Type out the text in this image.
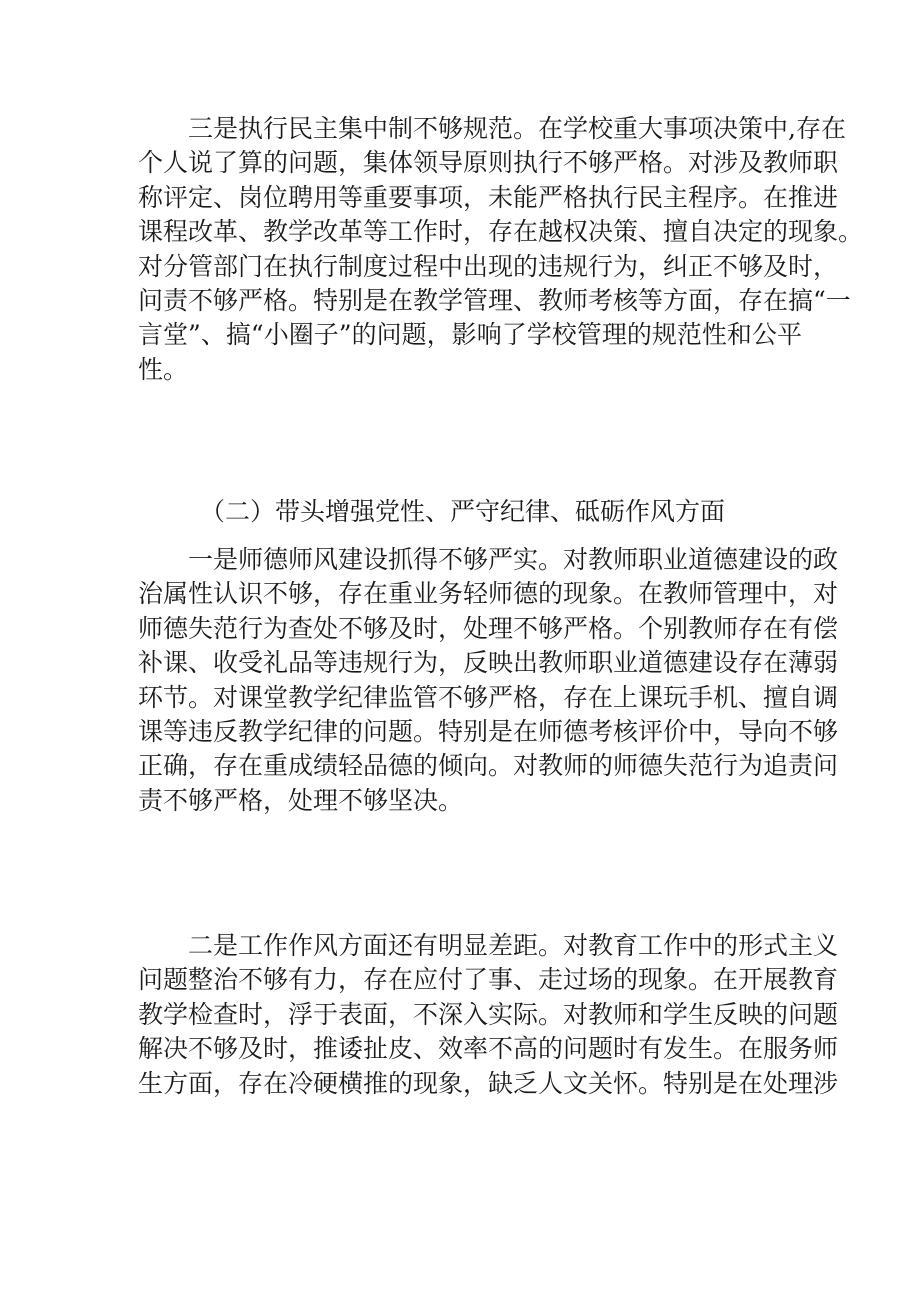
三是执行民主集中制不够规范。在学校重大事项决策中,存在
个人说了算的问题，集体领导原则执行不够严格。对涉及教师职
称评定、岗位聘用等重要事项，未能严格执行民主程序。在推进
课程改革、教学改革等工作时，存在越权决策、擅自决定的现象。
对分管部门在执行制度过程中出现的违规行为，纠正不够及时，
问责不够严格。特别是在教学管理、教师考核等方面，存在搞“一
言堂”、搞“小圈子”的问题，影响了学校管理的规范性和公平
性。
（二）带头增强党性、严守纪律、砥砺作风方面
一是师德师风建设抓得不够严实。对教师职业道德建设的政
治属性认识不够，存在重业务轻师德的现象。在教师管理中，对
师德失范行为查处不够及时，处理不够严格。个别教师存在有偿
补课、收受礼品等违规行为，反映出教师职业道德建设存在薄弱
环节。对课堂教学纪律监管不够严格，存在上课玩手机、擅自调
课等违反教学纪律的问题。特别是在师德考核评价中，导向不够
正确，存在重成绩轻品德的倾向。对教师的师德失范行为追责问
责不够严格，处理不够坚决。
二是工作作风方面还有明显差距。对教育工作中的形式主义
问题整治不够有力，存在应付了事、走过场的现象。在开展教育
教学检查时，浮于表面，不深入实际。对教师和学生反映的问题
解决不够及时，推诿扯皮、效率不高的问题时有发生。在服务师
生方面，存在冷硬横推的现象，缺乏人文关怀。特别是在处理涉
